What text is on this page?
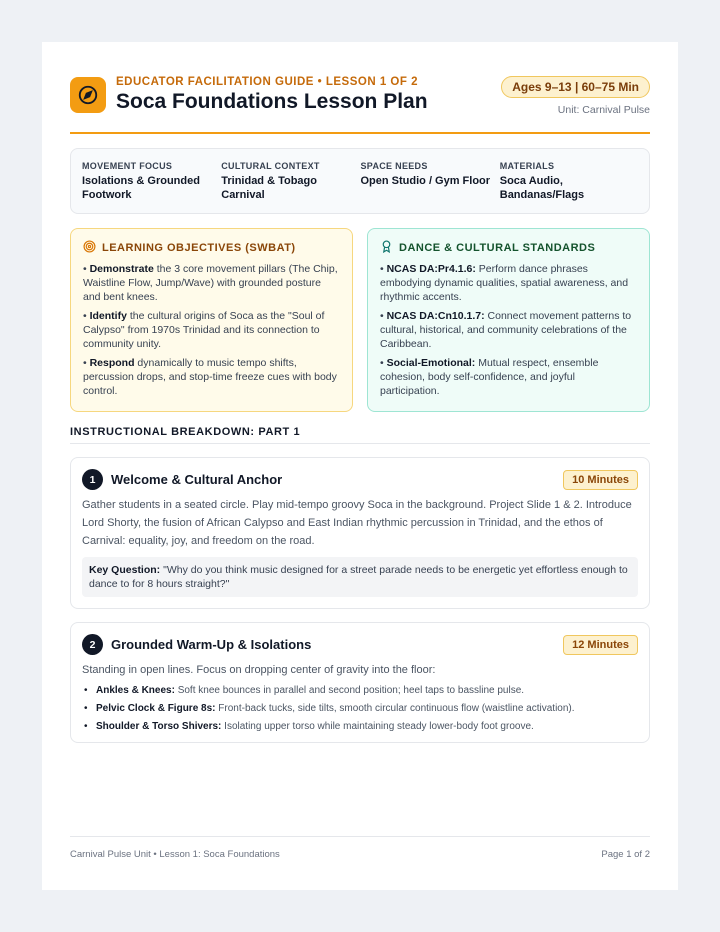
EDUCATOR FACILITATION GUIDE • LESSON 1 OF 2
Soca Foundations Lesson Plan
Ages 9–13 | 60–75 Min
Unit: Carnival Pulse
MOVEMENT FOCUS
Isolations & Grounded Footwork
CULTURAL CONTEXT
Trinidad & Tobago Carnival
SPACE NEEDS
Open Studio / Gym Floor
MATERIALS
Soca Audio, Bandanas/Flags
LEARNING OBJECTIVES (SWBAT)
• Demonstrate the 3 core movement pillars (The Chip, Waistline Flow, Jump/Wave) with grounded posture and bent knees.
• Identify the cultural origins of Soca as the "Soul of Calypso" from 1970s Trinidad and its connection to community unity.
• Respond dynamically to music tempo shifts, percussion drops, and stop-time freeze cues with body control.
DANCE & CULTURAL STANDARDS
• NCAS DA:Pr4.1.6: Perform dance phrases embodying dynamic qualities, spatial awareness, and rhythmic accents.
• NCAS DA:Cn10.1.7: Connect movement patterns to cultural, historical, and community celebrations of the Caribbean.
• Social-Emotional: Mutual respect, ensemble cohesion, body self-confidence, and joyful participation.
INSTRUCTIONAL BREAKDOWN: PART 1
1	Welcome & Cultural Anchor	10 Minutes
Gather students in a seated circle. Play mid-tempo groovy Soca in the background. Project Slide 1 & 2. Introduce Lord Shorty, the fusion of African Calypso and East Indian rhythmic percussion in Trinidad, and the ethos of Carnival: equality, joy, and freedom on the road.
Key Question: "Why do you think music designed for a street parade needs to be energetic yet effortless enough to dance to for 8 hours straight?"
2	Grounded Warm-Up & Isolations	12 Minutes
Standing in open lines. Focus on dropping center of gravity into the floor:
• Ankles & Knees: Soft knee bounces in parallel and second position; heel taps to bassline pulse.
• Pelvic Clock & Figure 8s: Front-back tucks, side tilts, smooth circular continuous flow (waistline activation).
• Shoulder & Torso Shivers: Isolating upper torso while maintaining steady lower-body foot groove.
Carnival Pulse Unit • Lesson 1: Soca Foundations	Page 1 of 2
